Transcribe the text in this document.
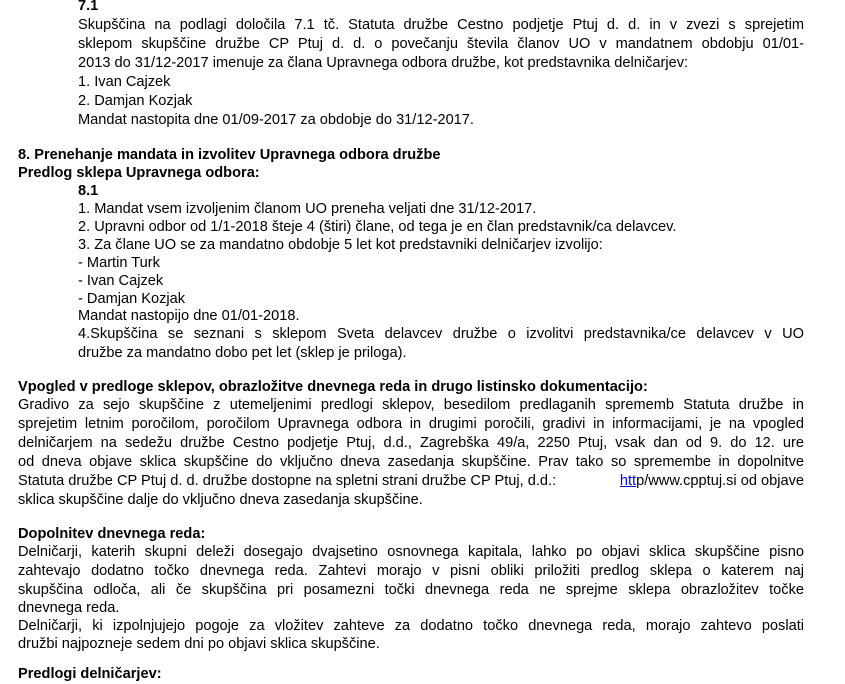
7.1
Skupščina na podlagi določila 7.1 tč. Statuta družbe Cestno podjetje Ptuj d. d. in v zvezi s sprejetim
sklepom skupščine družbe CP Ptuj d. d. o povečanju števila članov UO v mandatnem obdobju 01/01-
2013 do 31/12-2017 imenuje za člana Upravnega odbora družbe, kot predstavnika delničarjev:
1. Ivan Cajzek
2. Damjan Kozjak
Mandat nastopita dne 01/09-2017 za obdobje do 31/12-2017.
8. Prenehanje mandata in izvolitev Upravnega odbora družbe
Predlog sklepa Upravnega odbora:
8.1
1. Mandat vsem izvoljenim članom UO preneha veljati dne 31/12-2017.
2. Upravni odbor od 1/1-2018 šteje 4 (štiri) člane, od tega je en član predstavnik/ca delavcev.
3. Za člane UO se za mandatno obdobje 5 let kot predstavniki delničarjev izvolijo:
- Martin Turk
- Ivan Cajzek
- Damjan Kozjak
Mandat nastopijo dne 01/01-2018.
4.Skupščina se seznani s sklepom Sveta delavcev družbe o izvolitvi predstavnika/ce delavcev v UO
družbe za mandatno dobo pet let (sklep je priloga).
Vpogled v predloge sklepov, obrazložitve dnevnega reda in drugo listinsko dokumentacijo:
Gradivo za sejo skupščine z utemeljenimi predlogi sklepov, besedilom predlaganih sprememb Statuta družbe in
sprejetim letnim poročilom, poročilom Upravnega odbora in drugimi poročili, gradivi in informacijami, je na vpogled
delničarjem na sedežu družbe Cestno podjetje Ptuj, d.d., Zagrebška 49/a, 2250 Ptuj, vsak dan od 9. do 12. ure
od dneva objave sklica skupščine do vključno dneva zasedanja skupščine. Prav tako so spremembe in dopolnitve
Statuta družbe CP Ptuj d. d. družbe dostopne na spletni strani družbe CP Ptuj, d.d.:	http/www.cpptuj.si od objave
sklica skupščine dalje do vključno dneva zasedanja skupščine.
Dopolnitev dnevnega reda:
Delničarji, katerih skupni deleži dosegajo dvajsetino osnovnega kapitala, lahko po objavi sklica skupščine pisno
zahtevajo dodatno točko dnevnega reda. Zahtevi morajo v pisni obliki priložiti predlog sklepa o katerem naj
skupščina odloča, ali če skupščina pri posamezni točki dnevnega reda ne sprejme sklepa obrazložitev točke
dnevnega reda.
Delničarji, ki izpolnjujejo pogoje za vložitev zahteve za dodatno točko dnevnega reda, morajo zahtevo poslati
družbi najpozneje sedem dni po objavi sklica skupščine.
Predlogi delničarjev:
